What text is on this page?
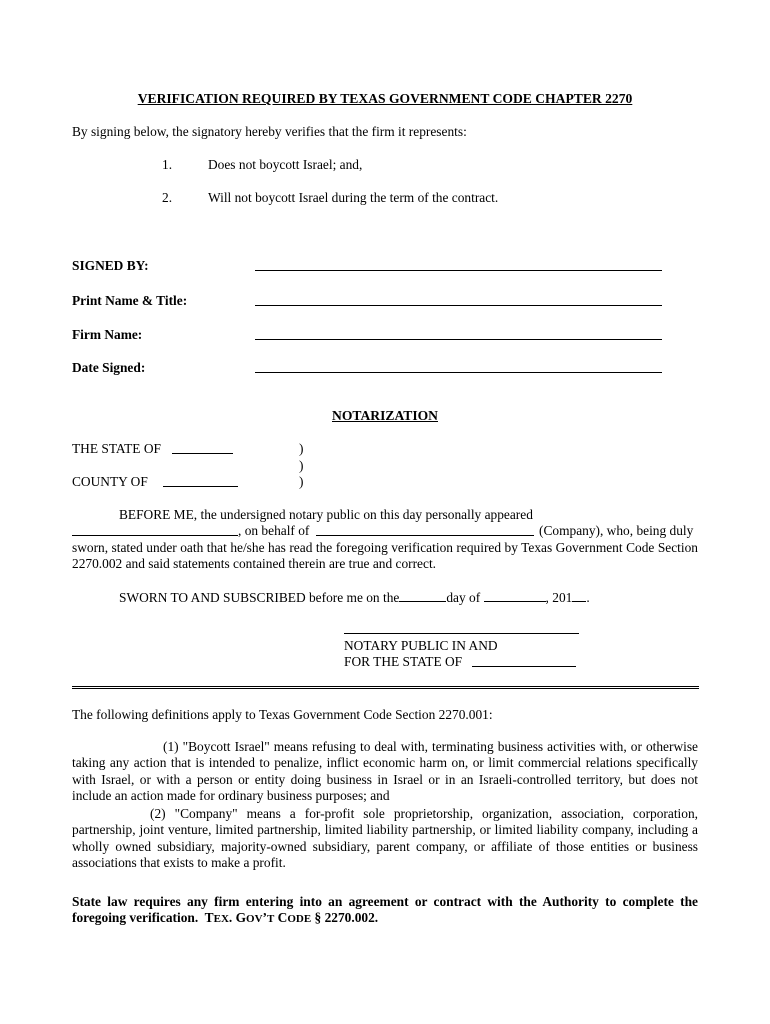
VERIFICATION REQUIRED BY TEXAS GOVERNMENT CODE CHAPTER 2270
By signing below, the signatory hereby verifies that the firm it represents:
1.	Does not boycott Israel; and,
2.	Will not boycott Israel during the term of the contract.
SIGNED BY:
Print Name & Title:
Firm Name:
Date Signed:
NOTARIZATION
THE STATE OF	)
)
COUNTY OF	)
BEFORE ME, the undersigned notary public on this day personally appeared
, on behalf of	(Company), who, being duly
sworn, stated under oath that he/she has read the foregoing verification required by Texas Government Code Section 2270.002 and said statements contained therein are true and correct.
SWORN TO AND SUBSCRIBED before me on the	day of	, 201 .
NOTARY PUBLIC IN AND
FOR THE STATE OF
The following definitions apply to Texas Government Code Section 2270.001:
(1) "Boycott Israel" means refusing to deal with, terminating business activities with, or otherwise taking any action that is intended to penalize, inflict economic harm on, or limit commercial relations specifically with Israel, or with a person or entity doing business in Israel or in an Israeli-controlled territory, but does not include an action made for ordinary business purposes; and
(2) "Company" means a for-profit sole proprietorship, organization, association, corporation, partnership, joint venture, limited partnership, limited liability partnership, or limited liability company, including a wholly owned subsidiary, majority-owned subsidiary, parent company, or affiliate of those entities or business associations that exists to make a profit.
State law requires any firm entering into an agreement or contract with the Authority to complete the foregoing verification. TEX. GOV’T CODE § 2270.002.
